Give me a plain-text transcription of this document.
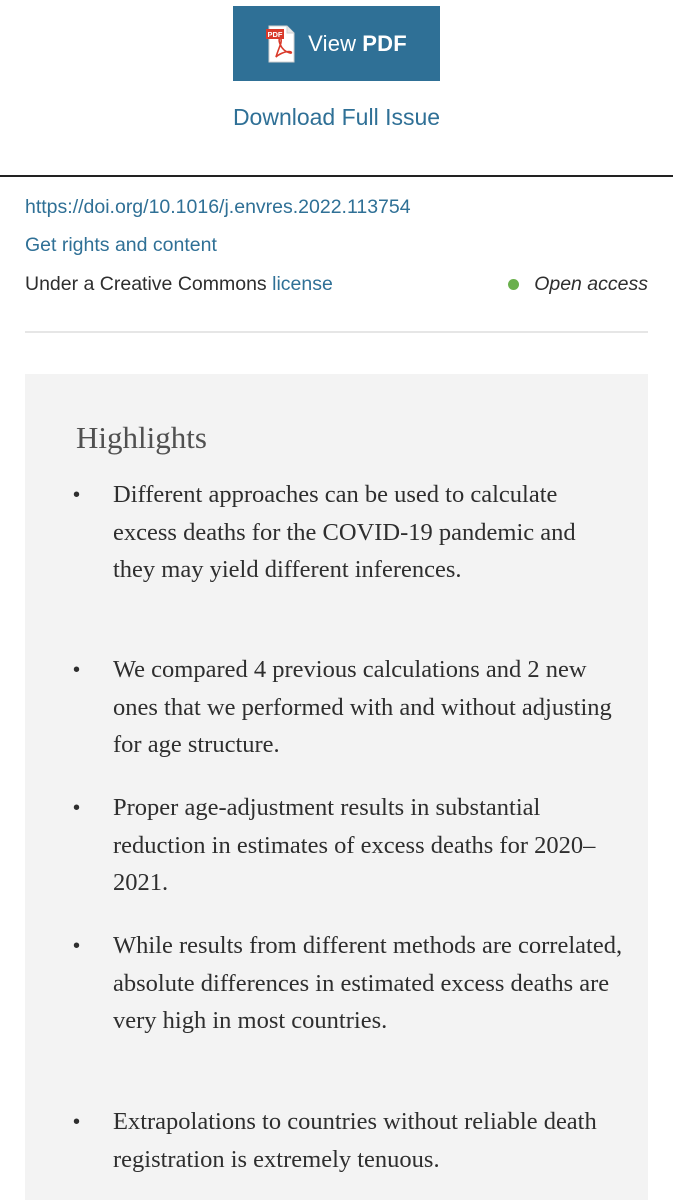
PDF View PDF
Download Full Issue
https://doi.org/10.1016/j.envres.2022.113754
Get rights and content
Under a Creative Commons license	Open access
Highlights
• Different approaches can be used to calculate excess deaths for the COVID-19 pandemic and they may yield different inferences.
• We compared 4 previous calculations and 2 new ones that we performed with and without adjusting for age structure.
• Proper age-adjustment results in substantial reduction in estimates of excess deaths for 2020–2021.
• While results from different methods are correlated, absolute differences in estimated excess deaths are very high in most countries.
• Extrapolations to countries without reliable death registration is extremely tenuous.
